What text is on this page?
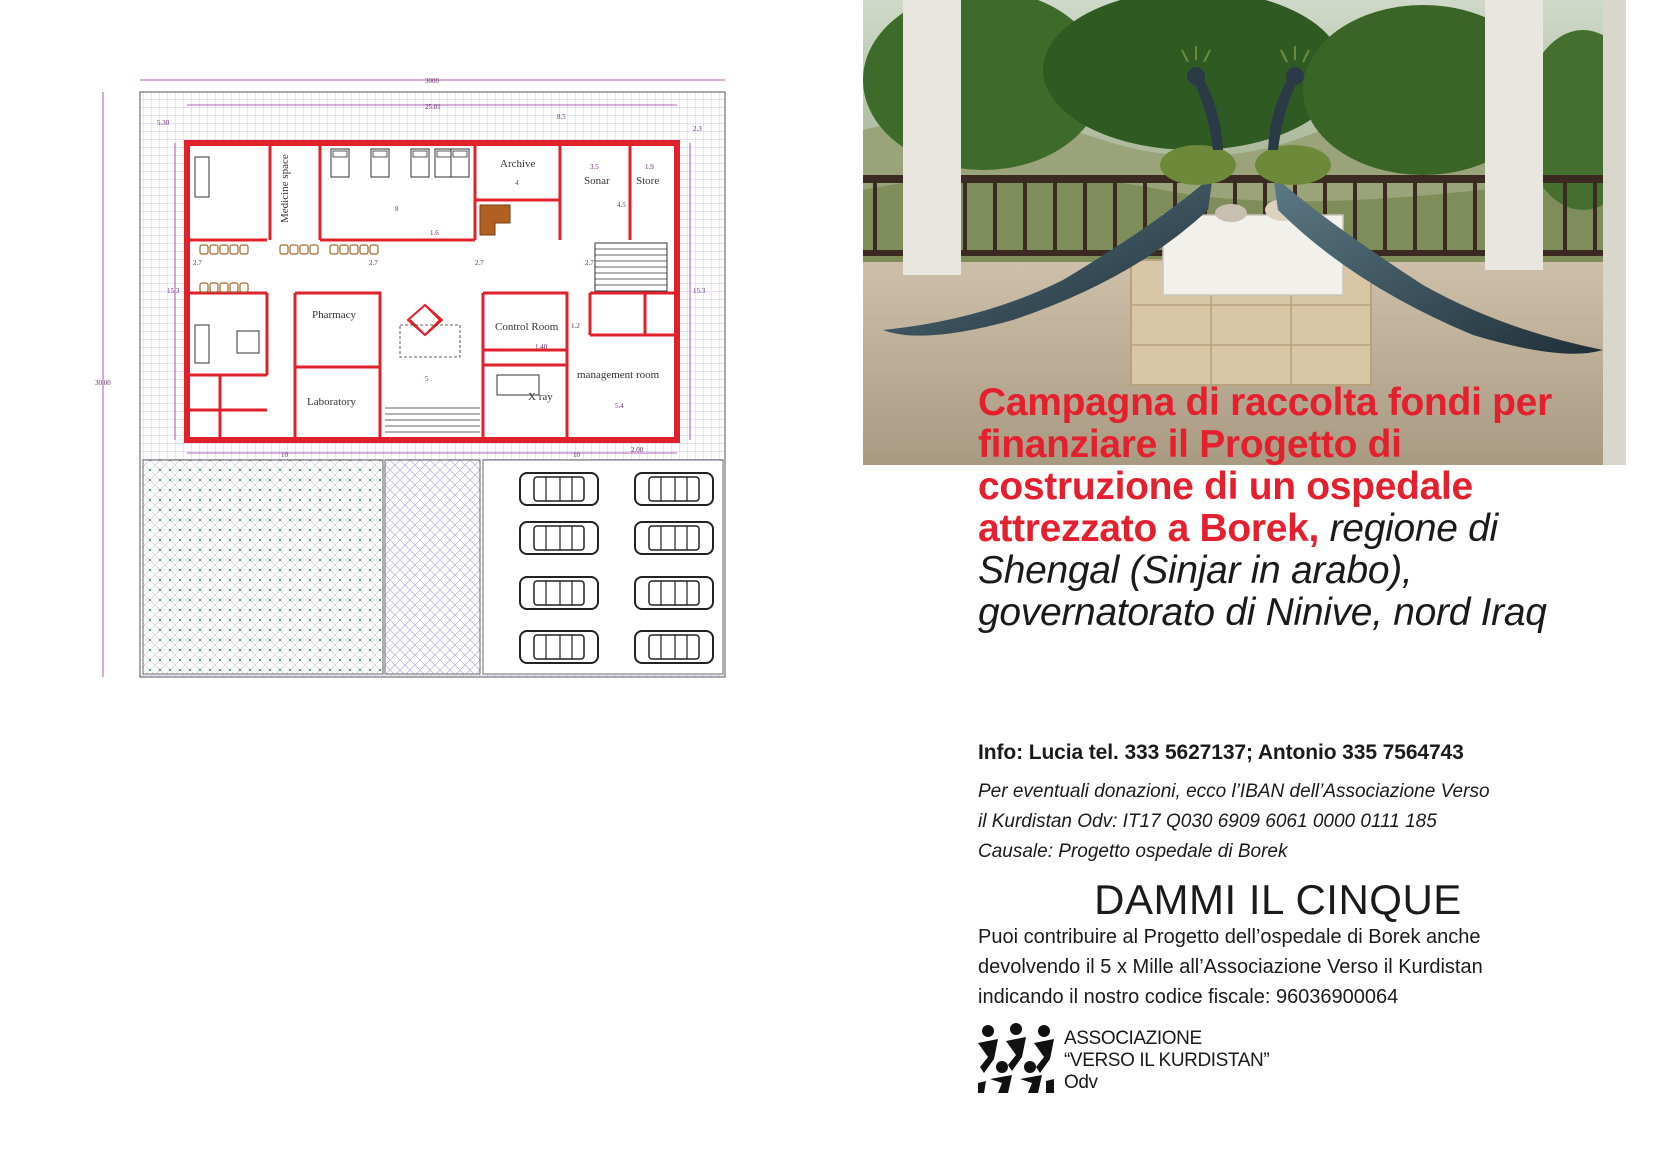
3000
25.01
8.5
5.30
2.3
30.00
15.3	15.3
2.7	2.7	2.7	2.7
8
4
1.6
3.5
4.5
1.9
5
5.4
1.40
2.00
1.2
10	10
Medicine space	Archive
Sonar Store
Pharmacy
Laboratory
Control Room
management room
X ray	Campagna di raccolta fondi per finanziare il Progetto di costruzione di un ospedale attrezzato a Borek, regione di Shengal (Sinjar in arabo), governatorato di Ninive, nord Iraq
Info: Lucia tel. 333 5627137; Antonio 335 7564743
Per eventuali donazioni, ecco l’IBAN dell’Associazione Verso
il Kurdistan Odv: IT17 Q030 6909 6061 0000 0111 185
Causale: Progetto ospedale di Borek
DAMMI IL CINQUE
Puoi contribuire al Progetto dell’ospedale di Borek anche
devolvendo il 5 x Mille all’Associazione Verso il Kurdistan
indicando il nostro codice fiscale: 96036900064
ASSOCIAZIONE
“VERSO IL KURDISTAN”
Odv
